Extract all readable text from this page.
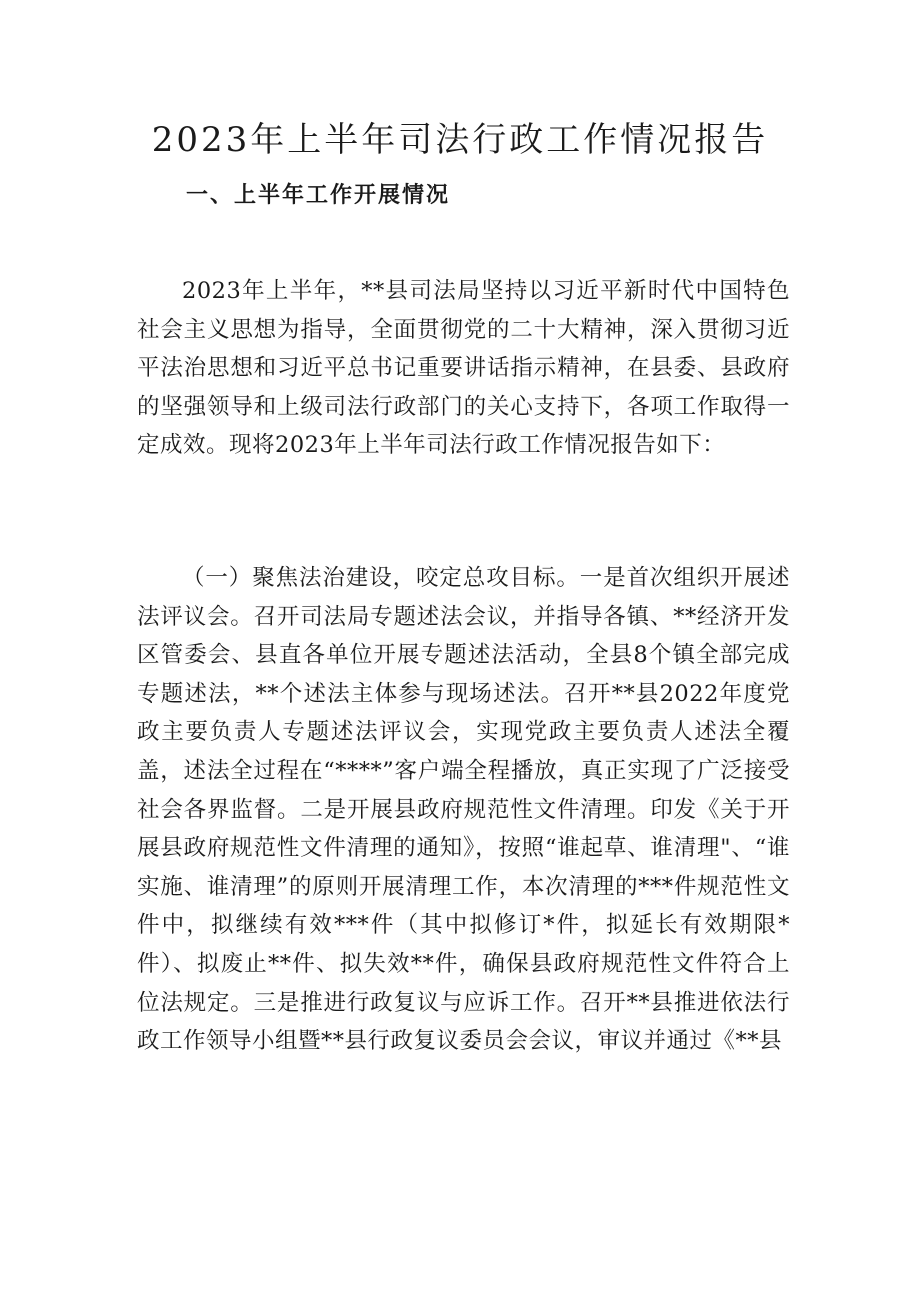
2023年上半年司法行政工作情况报告
一、上半年工作开展情况

2023年上半年，**县司法局坚持以习近平新时代中国特色社会主义思想为指导，全面贯彻党的二十大精神，深入贯彻习近平法治思想和习近平总书记重要讲话指示精神，在县委、县政府的坚强领导和上级司法行政部门的关心支持下，各项工作取得一定成效。现将2023年上半年司法行政工作情况报告如下：

（一）聚焦法治建设，咬定总攻目标。一是首次组织开展述法评议会。召开司法局专题述法会议，并指导各镇、**经济开发区管委会、县直各单位开展专题述法活动，全县8个镇全部完成专题述法，**个述法主体参与现场述法。召开**县2022年度党政主要负责人专题述法评议会，实现党政主要负责人述法全覆盖，述法全过程在“****”客户端全程播放，真正实现了广泛接受社会各界监督。二是开展县政府规范性文件清理。印发《关于开展县政府规范性文件清理的通知》，按照“谁起草、谁清理"、“谁实施、谁清理”的原则开展清理工作，本次清理的***件规范性文件中，拟继续有效***件（其中拟修订*件，拟延长有效期限*件）、拟废止**件、拟失效**件，确保县政府规范性文件符合上位法规定。三是推进行政复议与应诉工作。召开**县推进依法行政工作领导小组暨**县行政复议委员会会议，审议并通过《**县
